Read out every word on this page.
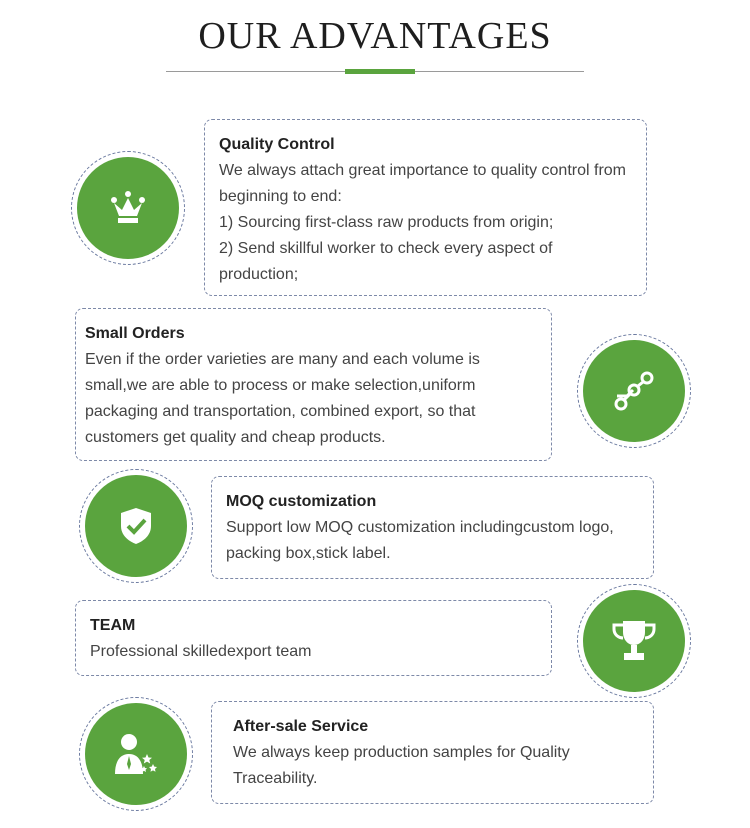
OUR ADVANTAGES
Quality Control
We always attach great importance to quality control from
beginning to end:
1) Sourcing first-class raw products from origin;
2) Send skillful worker to check every aspect of
production;
Small Orders
Even if the order varieties are many and each volume is
small,we are able to process or make selection,uniform
packaging and transportation, combined export, so that
customers get quality and cheap products.
MOQ customization
Support low MOQ customization includingcustom logo,
packing box,stick label.
TEAM
Professional skilledexport team
After-sale Service
We always keep production samples for Quality
Traceability.
